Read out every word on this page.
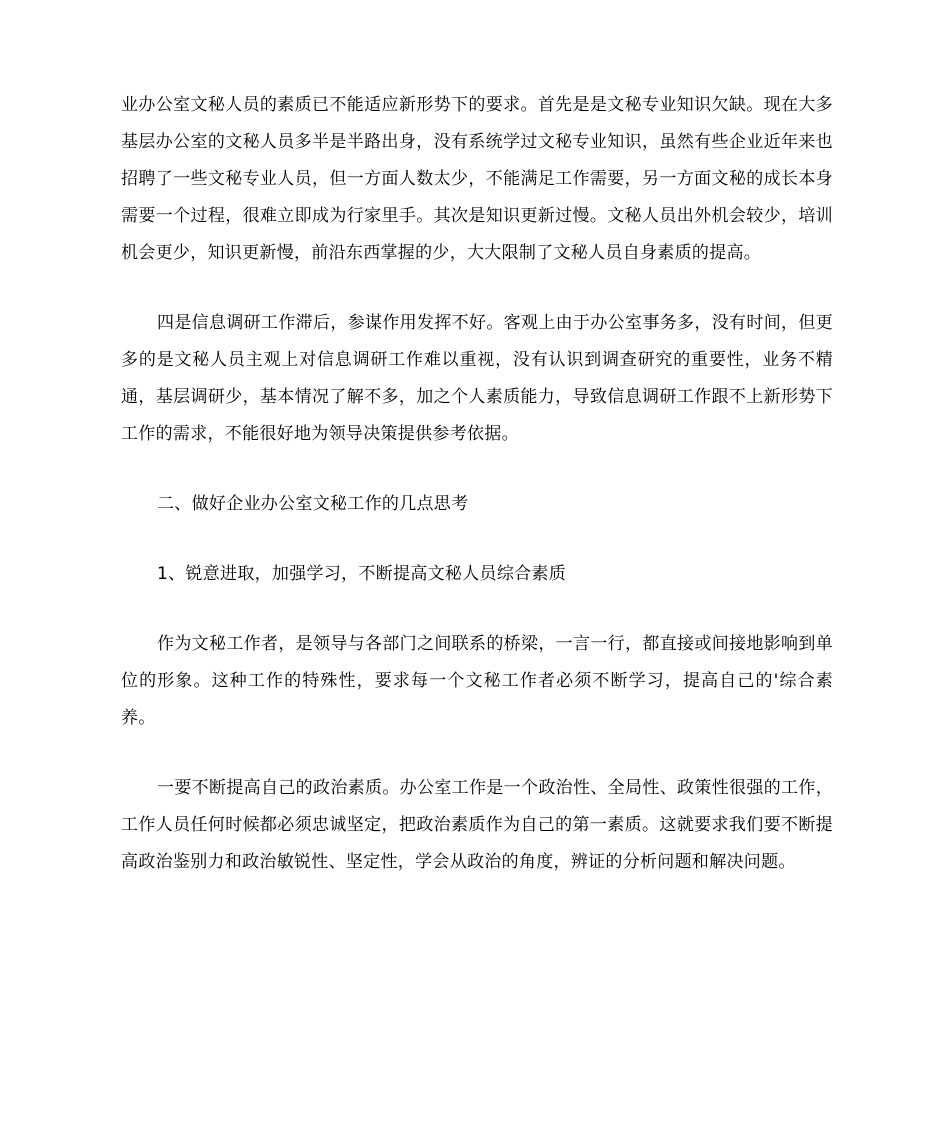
业办公室文秘人员的素质已不能适应新形势下的要求。首先是是文秘专业知识欠缺。现在大多基层办公室的文秘人员多半是半路出身，没有系统学过文秘专业知识，虽然有些企业近年来也招聘了一些文秘专业人员，但一方面人数太少，不能满足工作需要，另一方面文秘的成长本身需要一个过程，很难立即成为行家里手。其次是知识更新过慢。文秘人员出外机会较少，培训机会更少，知识更新慢，前沿东西掌握的少，大大限制了文秘人员自身素质的提高。

四是信息调研工作滞后，参谋作用发挥不好。客观上由于办公室事务多，没有时间，但更多的是文秘人员主观上对信息调研工作难以重视，没有认识到调查研究的重要性，业务不精通，基层调研少，基本情况了解不多，加之个人素质能力，导致信息调研工作跟不上新形势下工作的需求，不能很好地为领导决策提供参考依据。

二、做好企业办公室文秘工作的几点思考

1、锐意进取，加强学习，不断提高文秘人员综合素质

作为文秘工作者，是领导与各部门之间联系的桥梁，一言一行，都直接或间接地影响到单位的形象。这种工作的特殊性，要求每一个文秘工作者必须不断学习，提高自己的'综合素养。

一要不断提高自己的政治素质。办公室工作是一个政治性、全局性、政策性很强的工作，工作人员任何时候都必须忠诚坚定，把政治素质作为自己的第一素质。这就要求我们要不断提高政治鉴别力和政治敏锐性、坚定性，学会从政治的角度，辨证的分析问题和解决问题。
